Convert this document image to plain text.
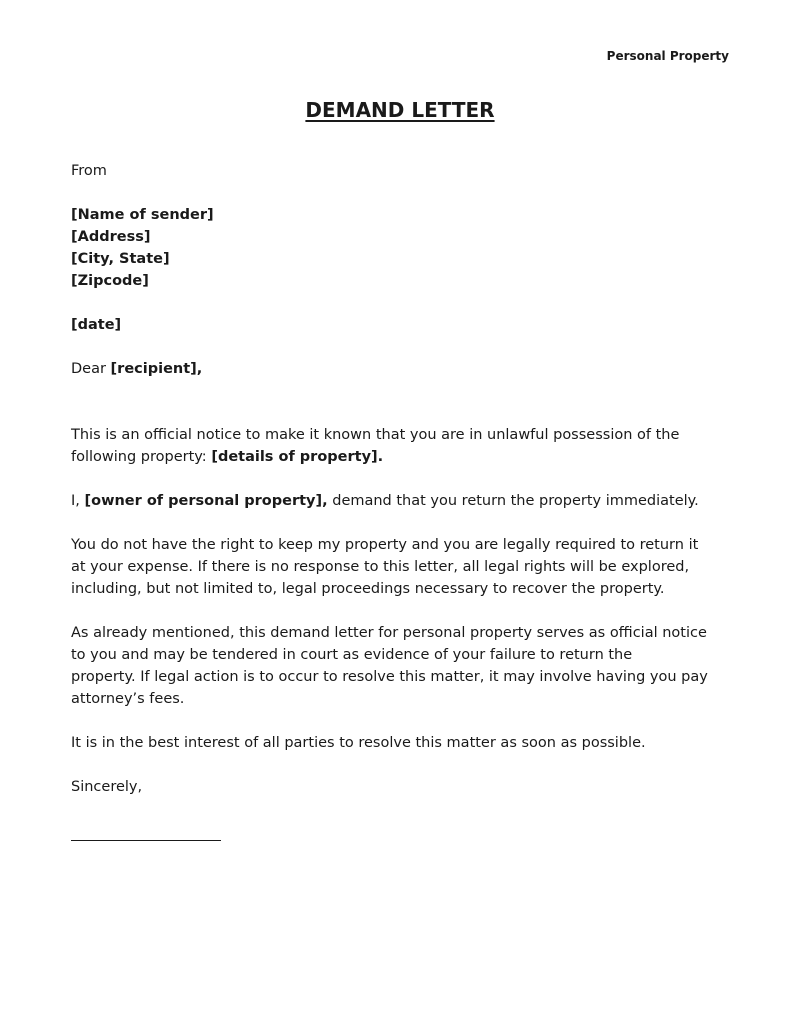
Personal Property
DEMAND LETTER
From
[Name of sender]
[Address]
[City, State]
[Zipcode]
[date]
Dear [recipient],
This is an official notice to make it known that you are in unlawful possession of the
following property: [details of property].
I, [owner of personal property], demand that you return the property immediately.
You do not have the right to keep my property and you are legally required to return it
at your expense. If there is no response to this letter, all legal rights will be explored,
including, but not limited to, legal proceedings necessary to recover the property.
As already mentioned, this demand letter for personal property serves as official notice
to you and may be tendered in court as evidence of your failure to return the
property. If legal action is to occur to resolve this matter, it may involve having you pay
attorney’s fees.
It is in the best interest of all parties to resolve this matter as soon as possible.
Sincerely,
